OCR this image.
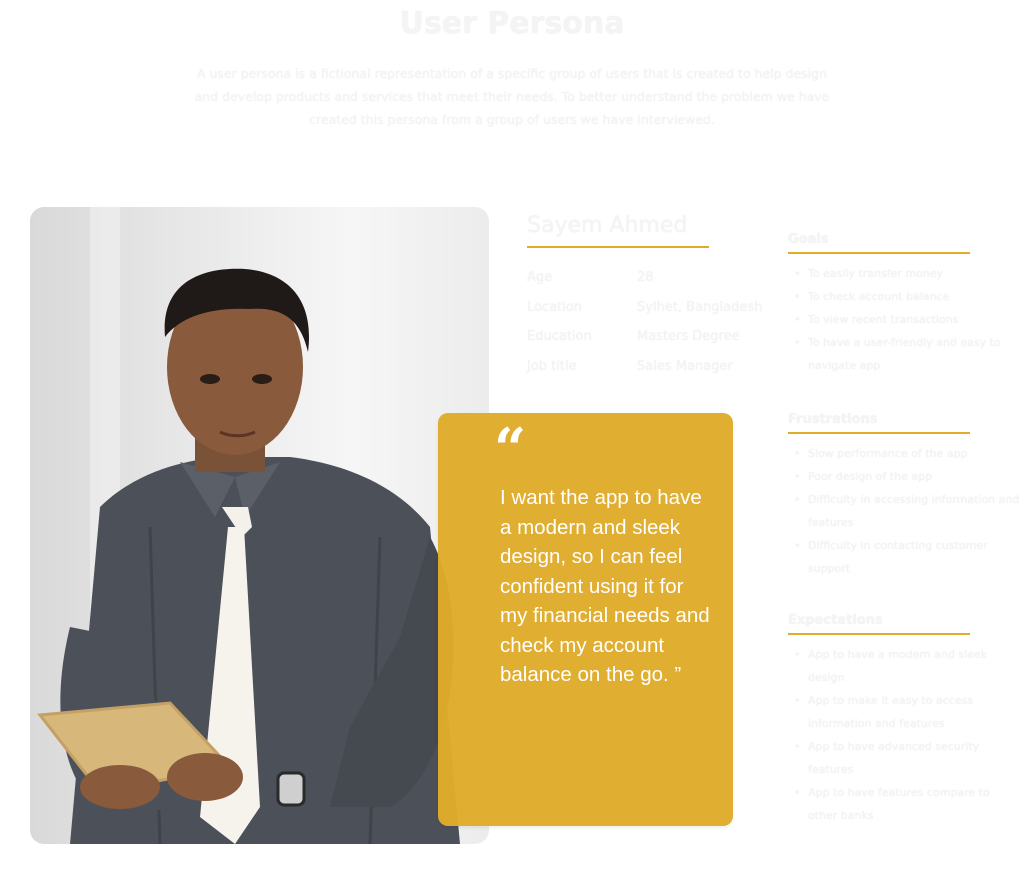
User Persona

A user persona is a fictional representation of a specific group of users that is created to help design and develop products and services that meet their needs. To better understand the problem we have created this persona from a group of users we have interviewed.

Sayem Ahmed
Age	28
Location	Sylhet, Bangladesh
Education	Masters Degree
Job title	Sales Manager
“

I want the app to have a modern and sleek design, so I can feel confident using it for my financial needs and check my account balance on the go. ”

Goals
• To easily transfer money
• To check account balance
• To view recent transactions
• To have a user-friendly and easy to navigate app
Frustrations
• Slow performance of the app
• Poor design of the app
• Difficulty in accessing information and features
• Difficulty in contacting customer support
Expectations
• App to have a modern and sleek design
• App to make it easy to access information and features
• App to have advanced security features
• App to have features compare to other banks
